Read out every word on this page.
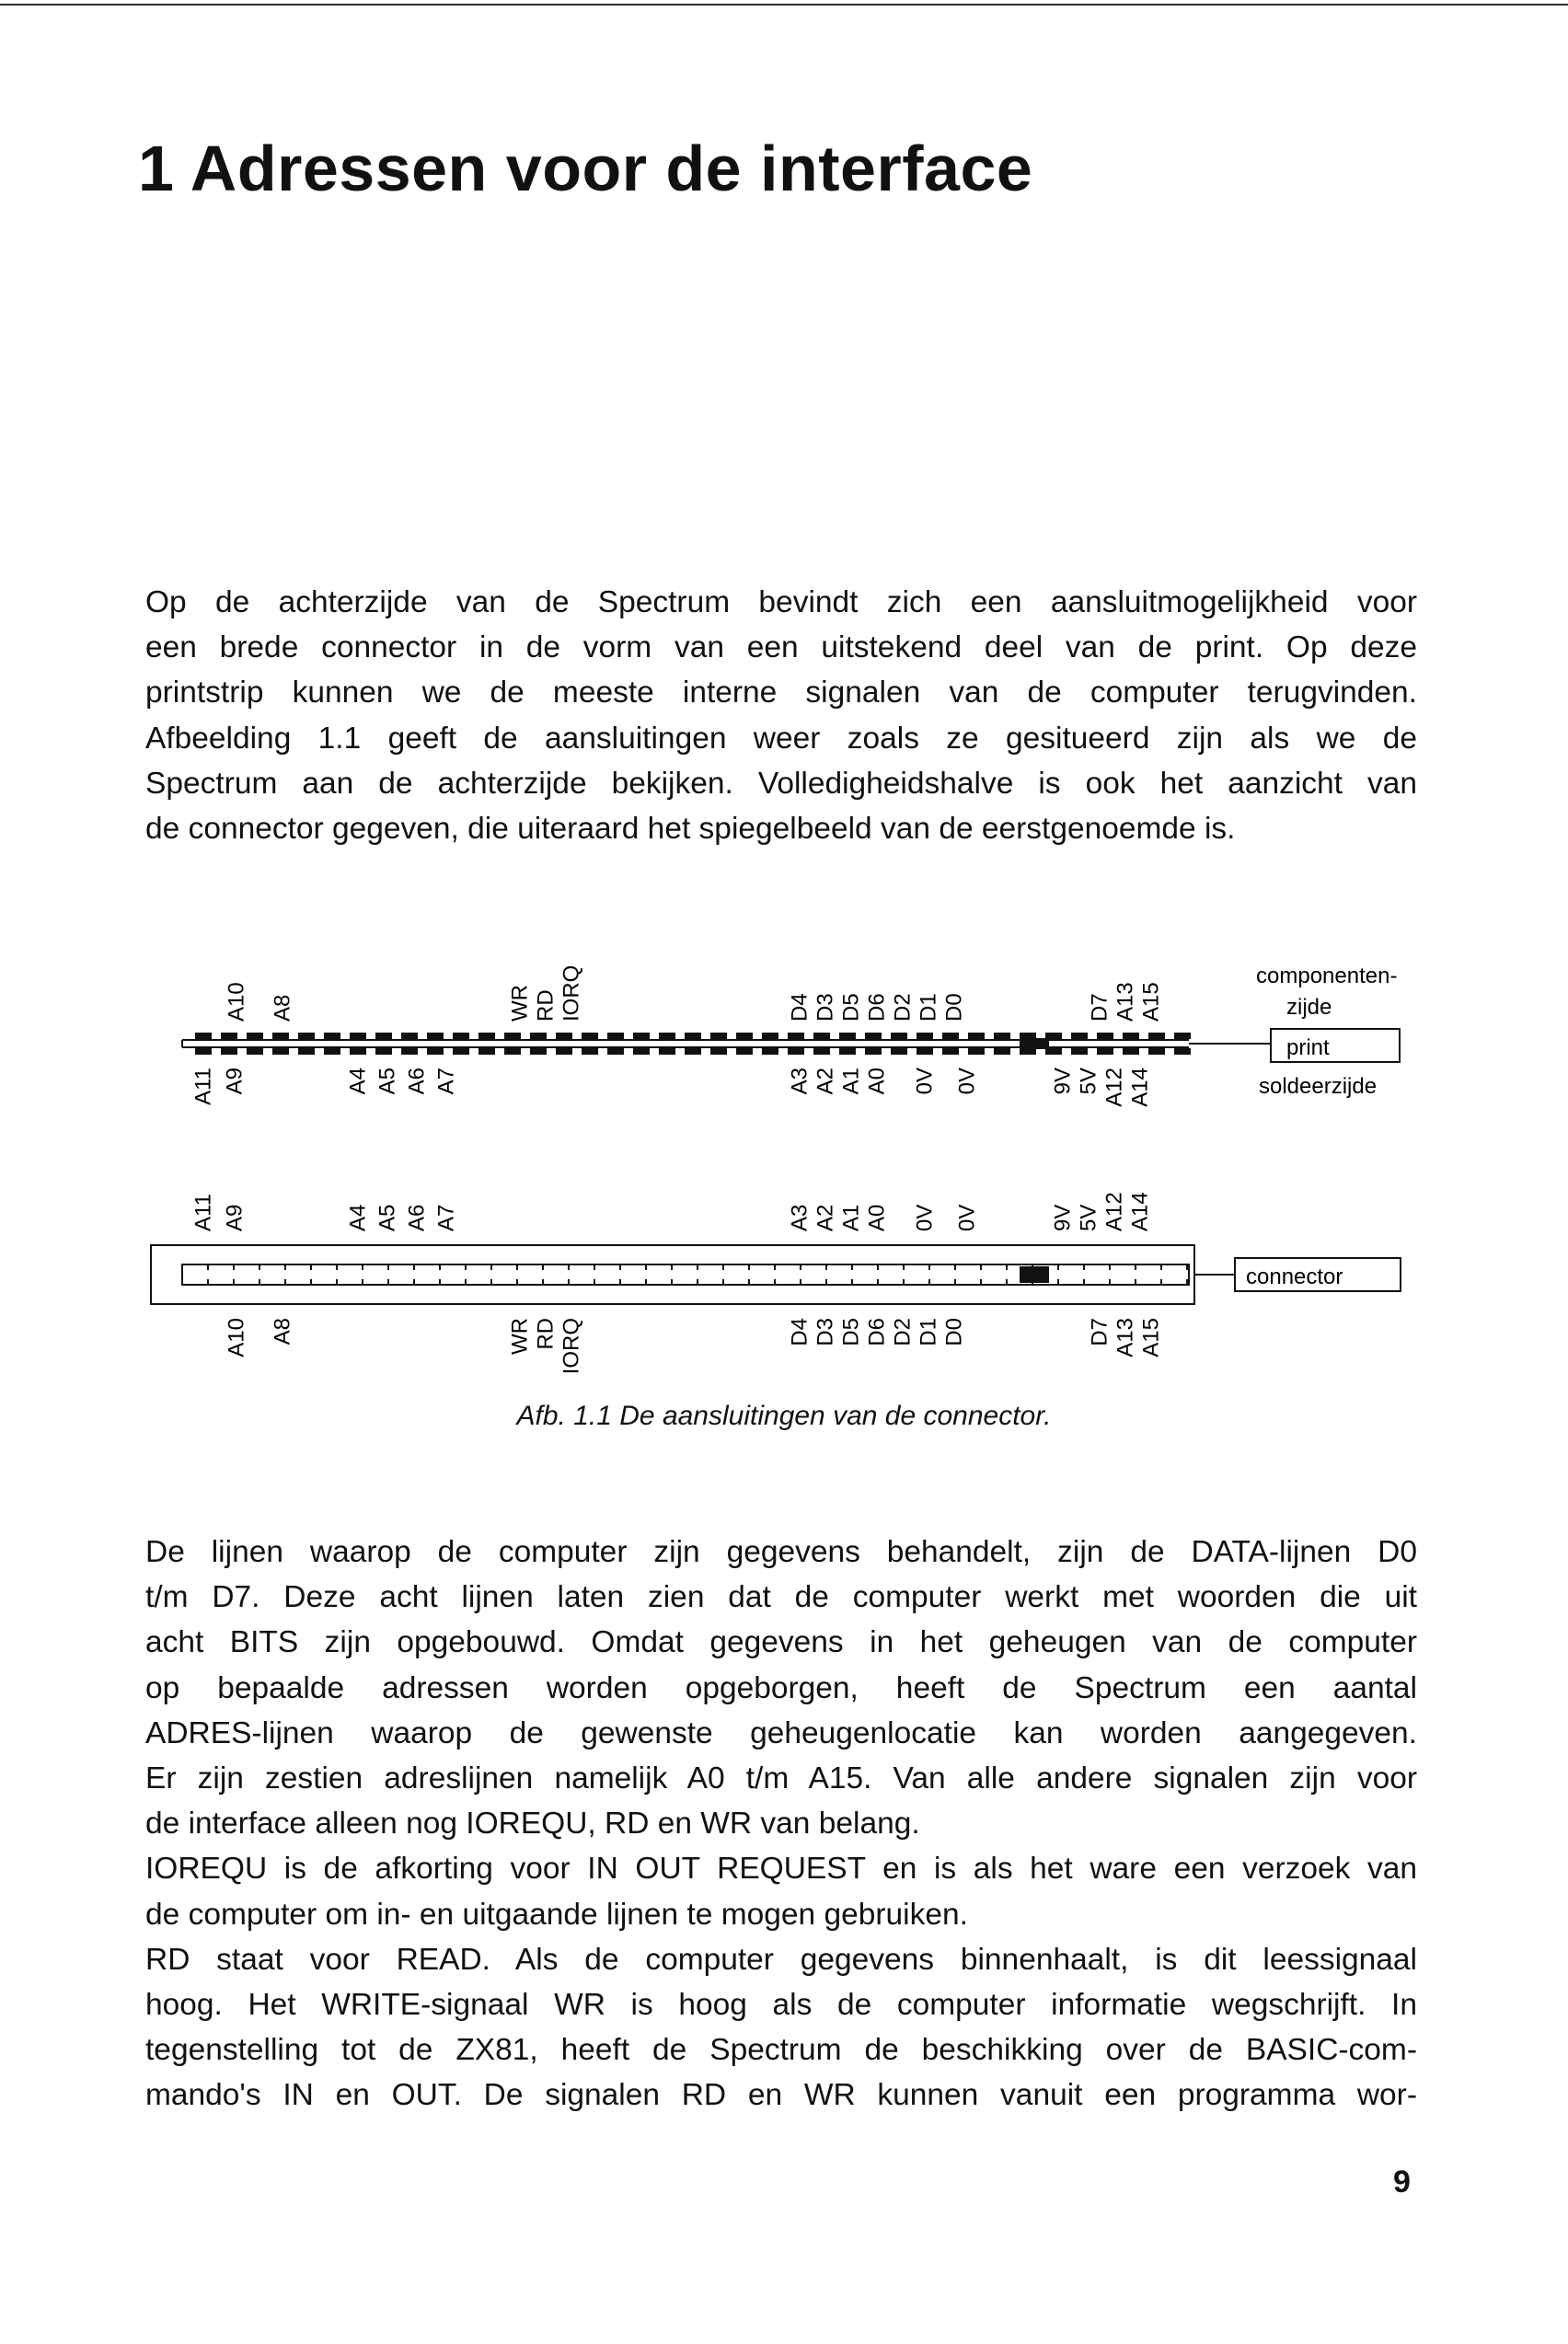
1 Adressen voor de interface
Op de achterzijde van de Spectrum bevindt zich een aansluitmogelijkheid voor
een brede connector in de vorm van een uitstekend deel van de print. Op deze
printstrip kunnen we de meeste interne signalen van de computer terugvinden.
Afbeelding 1.1 geeft de aansluitingen weer zoals ze gesitueerd zijn als we de
Spectrum aan de achterzijde bekijken. Volledigheidshalve is ook het aanzicht van
de connector gegeven, die uiteraard het spiegelbeeld van de eerstgenoemde is.
A10 A8	WR RD IORQ	D4 D3 D5 D6 D2 D1 D0	D7 A13 A15
A11 A9	A4 A5 A6 A7	A3 A2 A1 A0 0V 0V	9V 5V A12 A14
componenten-
zijde
print
soldeerzijde
A11 A9	A4 A5 A6 A7	A3 A2 A1 A0 0V 0V	9V 5V A12 A14
A10 A8	WR RD IORQ	D4 D3 D5 D6 D2 D1 D0	D7 A13 A15
connector

Afb. 1.1 De aansluitingen van de connector.

De lijnen waarop de computer zijn gegevens behandelt, zijn de DATA-lijnen D0
t/m D7. Deze acht lijnen laten zien dat de computer werkt met woorden die uit
acht BITS zijn opgebouwd. Omdat gegevens in het geheugen van de computer
op bepaalde adressen worden opgeborgen, heeft de Spectrum een aantal
ADRES-lijnen waarop de gewenste geheugenlocatie kan worden aangegeven.
Er zijn zestien adreslijnen namelijk A0 t/m A15. Van alle andere signalen zijn voor
de interface alleen nog IOREQU, RD en WR van belang.
IOREQU is de afkorting voor IN OUT REQUEST en is als het ware een verzoek van
de computer om in- en uitgaande lijnen te mogen gebruiken.
RD staat voor READ. Als de computer gegevens binnenhaalt, is dit leessignaal
hoog. Het WRITE-signaal WR is hoog als de computer informatie wegschrijft. In
tegenstelling tot de ZX81, heeft de Spectrum de beschikking over de BASIC-com-
mando's IN en OUT. De signalen RD en WR kunnen vanuit een programma wor-

9
